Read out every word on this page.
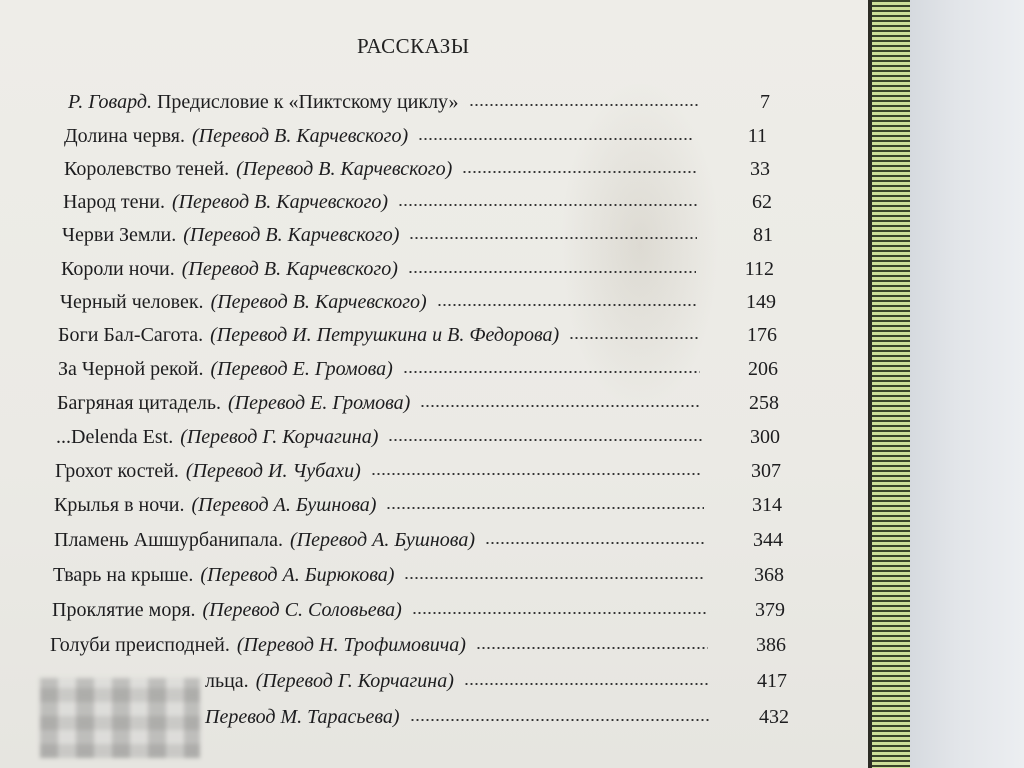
РАССКАЗЫ
Р. Говард. Предисловие к «Пиктскому циклу»	7
Долина червя. (Перевод В. Карчевского)	11
Королевство теней. (Перевод В. Карчевского)	33
Народ тени. (Перевод В. Карчевского)	62
Черви Земли. (Перевод В. Карчевского)	81
Короли ночи. (Перевод В. Карчевского)	112
Черный человек. (Перевод В. Карчевского)	149
Боги Бал-Сагота. (Перевод И. Петрушкина и В. Федорова)	176
За Черной рекой. (Перевод Е. Громова)	206
Багряная цитадель. (Перевод Е. Громова)	258
...Delenda Est. (Перевод Г. Корчагина)	300
Грохот костей. (Перевод И. Чубахи)	307
Крылья в ночи. (Перевод А. Бушнова)	314
Пламень Ашшурбанипала. (Перевод А. Бушнова)	344
Тварь на крыше. (Перевод А. Бирюкова)	368
Проклятие моря. (Перевод С. Соловьева)	379
Голуби преисподней. (Перевод Н. Трофимовича)	386
льца. (Перевод Г. Корчагина)	417
Перевод М. Тарасьева)	432
